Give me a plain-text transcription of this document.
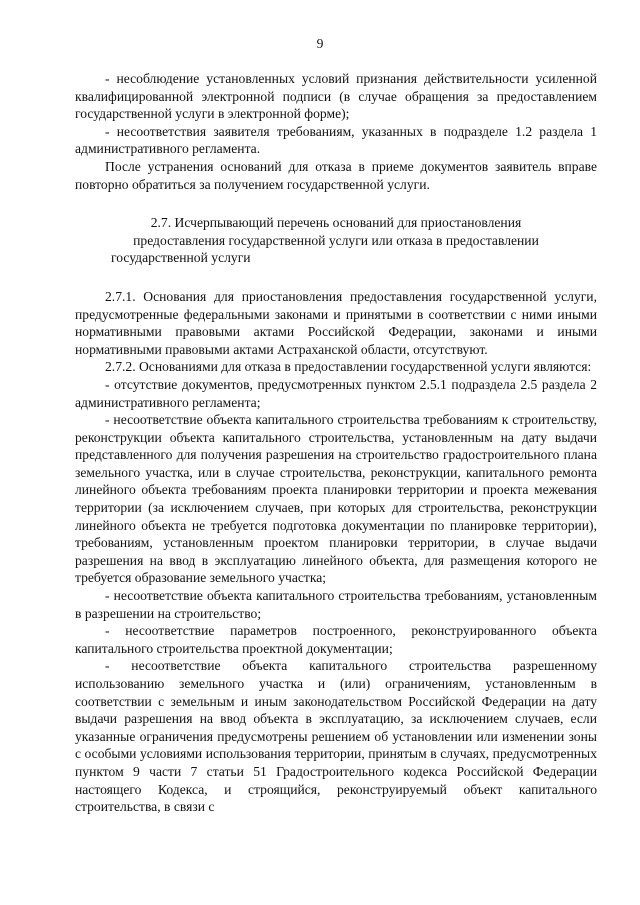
9

- несоблюдение установленных условий признания действительности усиленной квалифицированной электронной подписи (в случае обращения за предоставлением государственной услуги в электронной форме);

- несоответствия заявителя требованиям, указанных в подразделе 1.2 раздела 1 административного регламента.

После устранения оснований для отказа в приеме документов заявитель вправе повторно обратиться за получением государственной услуги.

2.7. Исчерпывающий перечень оснований для приостановления предоставления государственной услуги или отказа в предоставлении государственной услуги

2.7.1. Основания для приостановления предоставления государственной услуги, предусмотренные федеральными законами и принятыми в соответствии с ними иными нормативными правовыми актами Российской Федерации, законами и иными нормативными правовыми актами Астраханской области, отсутствуют.

2.7.2. Основаниями для отказа в предоставлении государственной услуги являются:

- отсутствие документов, предусмотренных пунктом 2.5.1 подраздела 2.5 раздела 2 административного регламента;

- несоответствие объекта капитального строительства требованиям к строительству, реконструкции объекта капитального строительства, установленным на дату выдачи представленного для получения разрешения на строительство градостроительного плана земельного участка, или в случае строительства, реконструкции, капитального ремонта линейного объекта требованиям проекта планировки территории и проекта межевания территории (за исключением случаев, при которых для строительства, реконструкции линейного объекта не требуется подготовка документации по планировке территории), требованиям, установленным проектом планировки территории, в случае выдачи разрешения на ввод в эксплуатацию линейного объекта, для размещения которого не требуется образование земельного участка;

- несоответствие объекта капитального строительства требованиям, установленным в разрешении на строительство;

- несоответствие параметров построенного, реконструированного объекта капитального строительства проектной документации;

- несоответствие объекта капитального строительства разрешенному использованию земельного участка и (или) ограничениям, установленным в соответствии с земельным и иным законодательством Российской Федерации на дату выдачи разрешения на ввод объекта в эксплуатацию, за исключением случаев, если указанные ограничения предусмотрены решением об установлении или изменении зоны с особыми условиями использования территории, принятым в случаях, предусмотренных пунктом 9 части 7 статьи 51 Градостроительного кодекса Российской Федерации настоящего Кодекса, и строящийся, реконструируемый объект капитального строительства, в связи с
